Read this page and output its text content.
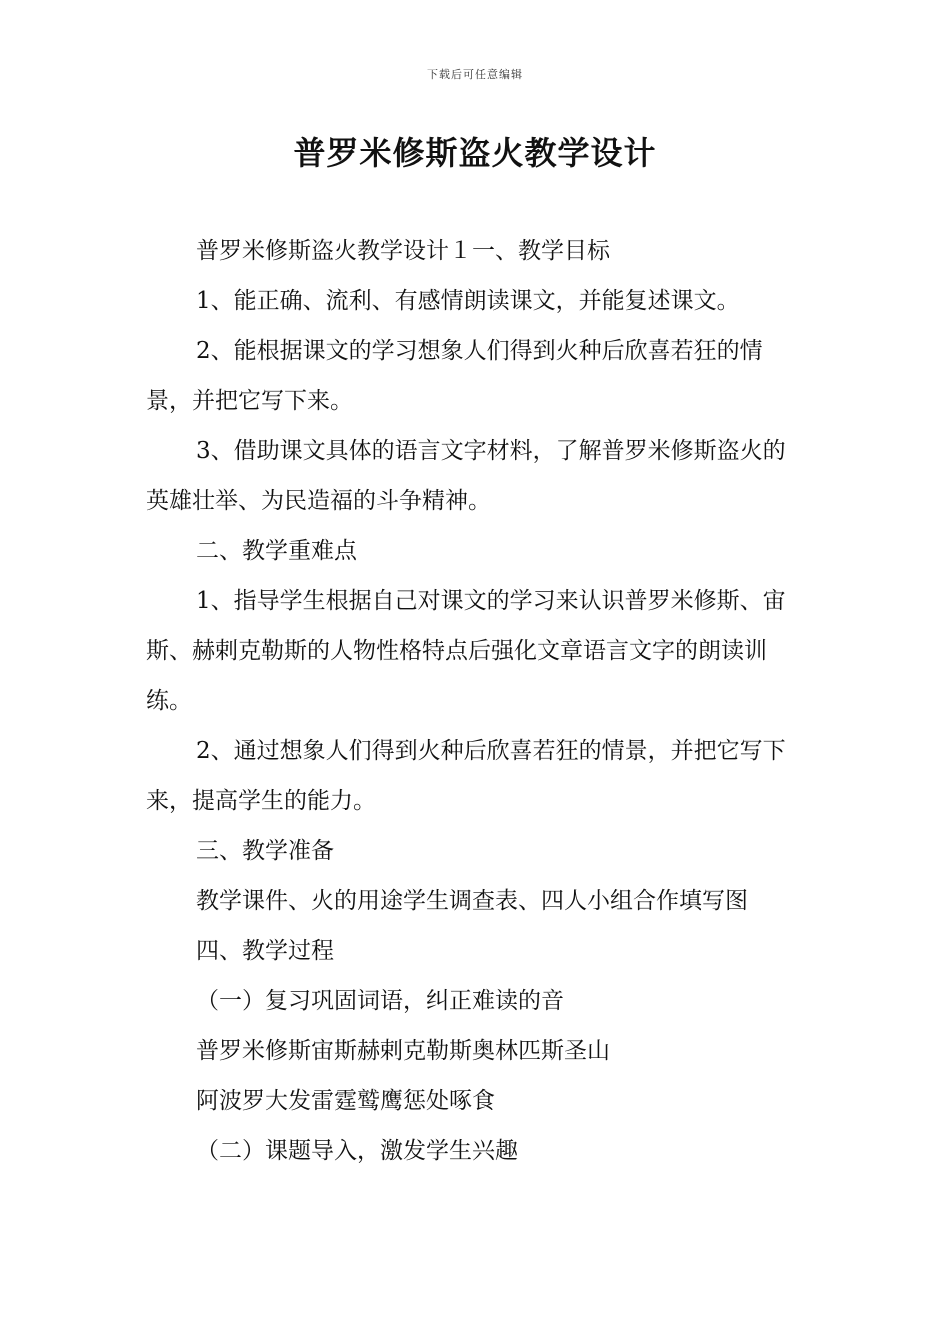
下载后可任意编辑
普罗米修斯盗火教学设计

普罗米修斯盗火教学设计１一、教学目标

1、能正确、流利、有感情朗读课文，并能复述课文。

2、能根据课文的学习想象人们得到火种后欣喜若狂的情景，并把它写下来。

3、借助课文具体的语言文字材料，了解普罗米修斯盗火的英雄壮举、为民造福的斗争精神。

二、教学重难点

1、指导学生根据自己对课文的学习来认识普罗米修斯、宙斯、赫剌克勒斯的人物性格特点后强化文章语言文字的朗读训练。

2、通过想象人们得到火种后欣喜若狂的情景，并把它写下来，提高学生的能力。

三、教学准备

教学课件、火的用途学生调查表、四人小组合作填写图

四、教学过程

（一）复习巩固词语，纠正难读的音

普罗米修斯宙斯赫剌克勒斯奥林匹斯圣山

阿波罗大发雷霆鹫鹰惩处啄食

（二）课题导入，激发学生兴趣
